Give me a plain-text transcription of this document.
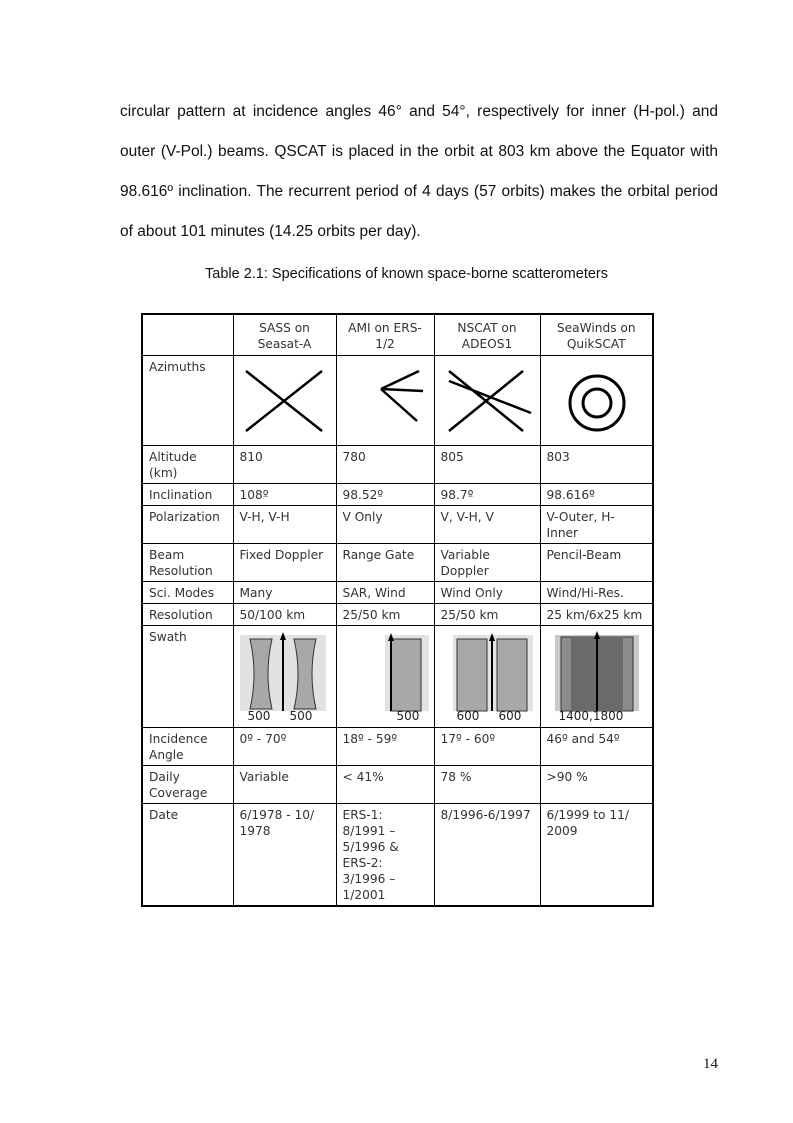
circular pattern at incidence angles 46° and 54°, respectively for inner (H-pol.) and outer (V-Pol.) beams. QSCAT is placed in the orbit at 803 km above the Equator with 98.616º inclination. The recurrent period of 4 days (57 orbits) makes the orbital period of about 101 minutes (14.25 orbits per day).

Table 2.1: Specifications of known space-borne scatterometers
	SASS on Seasat-A	AMI on ERS-1/2	NSCAT on ADEOS1	SeaWinds on QuikSCAT
Azimuths	

Altitude (km)	810	780	805	803
Inclination	108º	98.52º	98.7º	98.616º
Polarization	V-H, V-H	V Only	V, V-H, V	V-Outer, H-Inner
Beam Resolution	Fixed Doppler	Range Gate	Variable Doppler	Pencil-Beam
Sci. Modes	Many	SAR, Wind	Wind Only	Wind/Hi-Res.
Resolution	50/100 km	25/50 km	25/50 km	25 km/6x25 km
Swath	500     500	500	600     600	1400,1800

Incidence Angle	0º - 70º	18º - 59º	17º - 60º	46º and 54º
Daily Coverage	Variable	< 41%	78 %	>90 %
Date	6/1978 - 10/ 1978	ERS-1: 8/1991 – 5/1996 & ERS-2: 3/1996 – 1/2001	8/1996-6/1997	6/1999 to 11/ 2009
14
